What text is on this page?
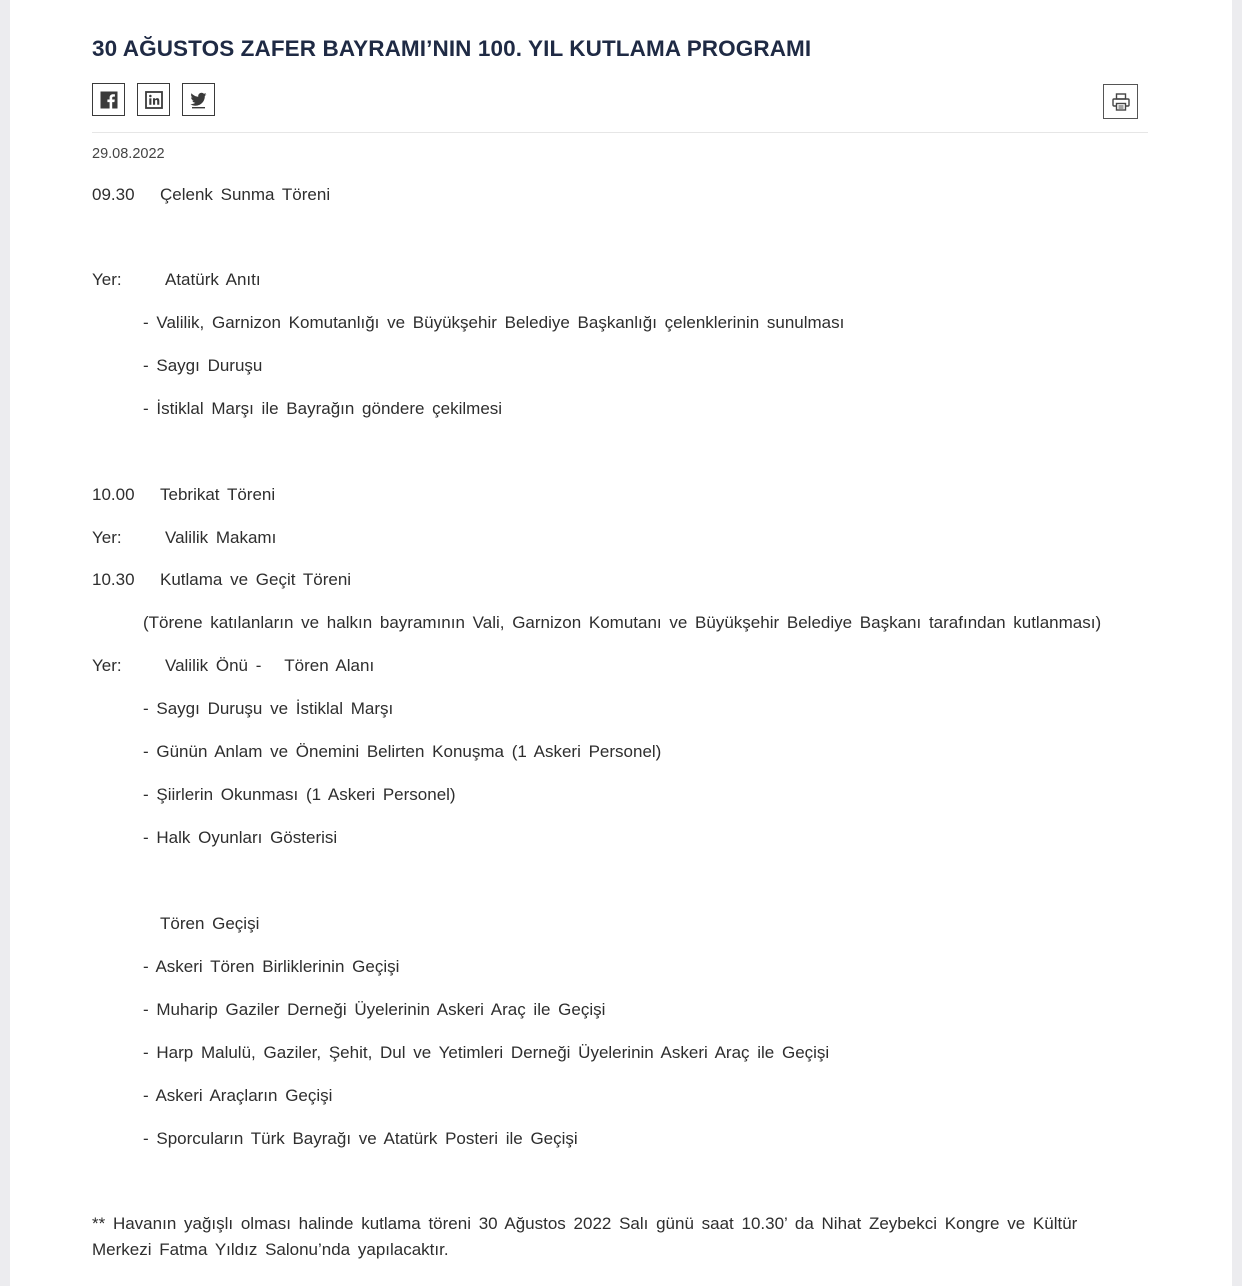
30 AĞUSTOS ZAFER BAYRAMI’NIN 100. YIL KUTLAMA PROGRAMI
29.08.2022
09.30 Çelenk Sunma Töreni
Yer:	Atatürk Anıtı
- Valilik, Garnizon Komutanlığı ve Büyükşehir Belediye Başkanlığı çelenklerinin sunulması
- Saygı Duruşu
- İstiklal Marşı ile Bayrağın göndere çekilmesi
10.00 Tebrikat Töreni
Yer:	Valilik Makamı
10.30 Kutlama ve Geçit Töreni
(Törene katılanların ve halkın bayramının Vali, Garnizon Komutanı ve Büyükşehir Belediye Başkanı tarafından kutlanması)
Yer:	Valilik Önü -   Tören Alanı
- Saygı Duruşu ve İstiklal Marşı
- Günün Anlam ve Önemini Belirten Konuşma (1 Askeri Personel)
- Şiirlerin Okunması (1 Askeri Personel)
- Halk Oyunları Gösterisi
Tören Geçişi
- Askeri Tören Birliklerinin Geçişi
- Muharip Gaziler Derneği Üyelerinin Askeri Araç ile Geçişi
- Harp Malulü, Gaziler, Şehit, Dul ve Yetimleri Derneği Üyelerinin Askeri Araç ile Geçişi
- Askeri Araçların Geçişi
- Sporcuların Türk Bayrağı ve Atatürk Posteri ile Geçişi
** Havanın yağışlı olması halinde kutlama töreni 30 Ağustos 2022 Salı günü saat 10.30’ da Nihat Zeybekci Kongre ve Kültür Merkezi Fatma Yıldız Salonu’nda yapılacaktır.
